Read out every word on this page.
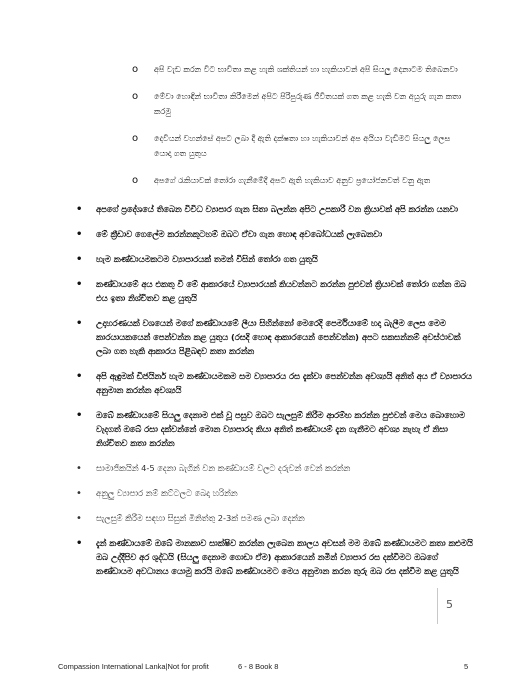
o අපි වැඩ කරන විට භාවිතා කළ හැකි ශක්තියන් හා හැකියාවන් අපි සියලු දෙනාටම තිබෙනවා
o මේවා හොඳින් භාවිතා කිරීමෙන් අපිට පිරිපුරුණ ජීවිතයක් ගත කළ හැකි වන අයුරු ගැන කතා කරමු
o දෙවියන් වහන්සේ අපට ලබා දී ඇති දක්ෂතා හා හැකියාවන් අප අයියා වැඩීමට සියලු ලෙස යොදා ගත යුතුය
o අපගේ රැකියාවක් තෝරා ගැනීමේදී අපට ඇති හැකියාව අනුව ප්‍රයෝජනවත් වනු ඇත
• අපගේ ප්‍රදේශයේ තිබෙන විවිධ ව්‍යාපාර ගැන සිතා බලන්න අපිට උපකාරී වන ක්‍රියාවක් අපි කරන්න යනවා
• මේ ක්‍රීඩාව ගෙලේම කරන්නකුටහම් ඔබට ඒවා ගැන හොඳ අවබෝධයක් ලැබෙනවා
• හැම කණ්ඩායමකටම ව්‍යාපාරයක් තමන් විසින් තෝරා ගත යුතුයි
• කණ්ඩායමේ අය එකතු වී මේ ආකාරයේ ව්‍යාපාරයක් කියවන්නට කරන්න පුළුවන් ක්‍රියාවක් තෝරා ගන්න ඔබ එය ඉතා නිශ්චිතව කළ යුතුයි
• උදාහරණයක් වශයෙන් මගේ කණ්ඩායමේ ලීයා සිහින්නෝ මෙරෙදි පෙර්මියාමේ හදා බැලීම ලෙස මෙම කාරයායකයෙන් පෙන්වන්න කළ යුතුය (රසදි හොඳ ආකාරයෙන් පෙන්වන්න) අපට සකසන්නම් අවස්ථාවක් ලබා ගත හැකි ආකාරය පිළිබඳව කතා කරන්න
• අපි ඇඳුමක් ඩිජයිනර් හැම කණ්ඩායමකම සම ව්‍යාපාරය රස දැක්වා පෙන්වන්න අවශ්‍යයි අනිත් අය ඒ ව්‍යාපාරය අනුමාන කරන්න අවශ්‍යයි
• ඔබේ කණ්ඩායමේ සියලු දෙනාම එක් වූ පසුව ඔබට සැලසුම් කිරීම ආරම්භ කරන්න පුළුවන් මෙය බොහොම වැදගත් ඔබේ රසා දක්වන්නේ මොන ව්‍යාපාරද කියා අනිත් කණ්ඩායම් දැන ගැනීමට අවශ්‍ය නැහැ ඒ නිසා නිශ්චිතව කතා කරන්න
• සාමාජිකයින් 4-5 දෙනා බැගින් වන කණ්ඩායම් වලට දරුවන් වෙන් කරන්න
• අනුලු ව්‍යාපාර නම් කට්ටලට බෙදා හරින්න
• සැලසුම් කිරීම සඳහා සිසුන් මිනිත්තු 2-3ක් පමණ ලබා දෙන්න
• දැන් කණ්ඩායමේ ඔබේ මානකාව සාක්ෂිව කරන්න ලැබෙන කාලය අවසන් මම ඔබේ කණ්ඩායමට කතා කළුමයි ඔබ උද්දීපිව අර ශුද්ධයි (සියලු දෙනාම ගොඩා ඒම) ආකාරයෙන් නමින් ව්‍යාපාර රස දක්වීමට ඔබගේ කණ්ඩායම අවධානය යොමු කරයි ඔබේ කණ්ඩායමට මෙය අනුමාන කරන තුරු ඔබ රස දක්වීම කළ යුතුයි
5
Compassion International Lanka|Not for profit	6 - 8 Book 8	5
